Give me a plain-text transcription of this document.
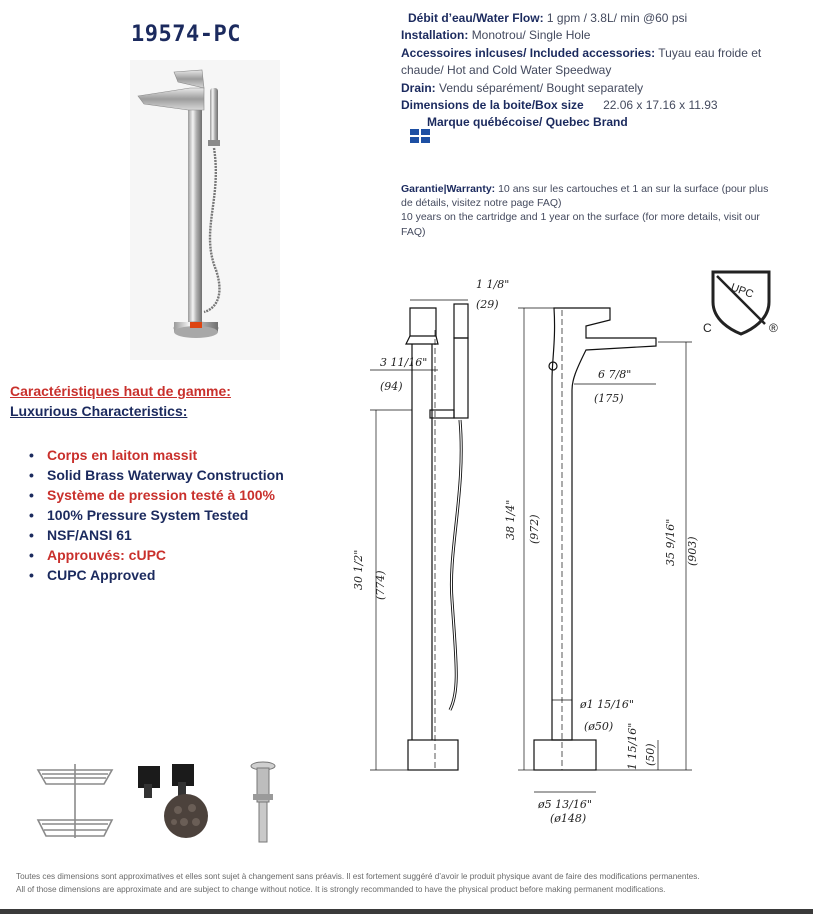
19574-PC
Débit d’eau/Water Flow: 1 gpm / 3.8L/ min @60 psi
Installation: Monotrou/ Single Hole
Accessoires inlcuses/ Included accessories: Tuyau eau froide et chaude/ Hot and Cold Water Speedway
Drain: Vendu séparément/ Bought separately
Dimensions de la boite/Box size 22.06 x 17.16 x 11.93
Marque québécoise/ Quebec Brand
Garantie|Warranty: 10 ans sur les cartouches et 1 an sur la surface (pour plus de détails, visitez notre page FAQ)
10 years on the cartridge and 1 year on the surface (for more details, visit our FAQ)
UPC
C	®
Caractéristiques haut de gamme:
Luxurious Characteristics:
• Corps en laiton massit
• Solid Brass Waterway Construction
• Système de pression testé à 100%
• 100% Pressure System Tested
• NSF/ANSI 61
• Approuvés: cUPC
• CUPC Approved
1 1/8"
(29)
3 11/16"
(94)
6 7/8"
(175)
ø1 15/16"
(ø50)
ø5 13/16"
(ø148)
30 1/2" (774)
38 1/4" (972)	35 9/16" (903)
1 15/16" (50)
Toutes ces dimensions sont approximatives et elles sont sujet à changement sans préavis. Il est fortement suggéré d’avoir le produit physique avant de faire des modifications permanentes.
All of those dimensions are approximate and are subject to change without notice. It is strongly recommanded to have the physical product before making permanent modifications.
